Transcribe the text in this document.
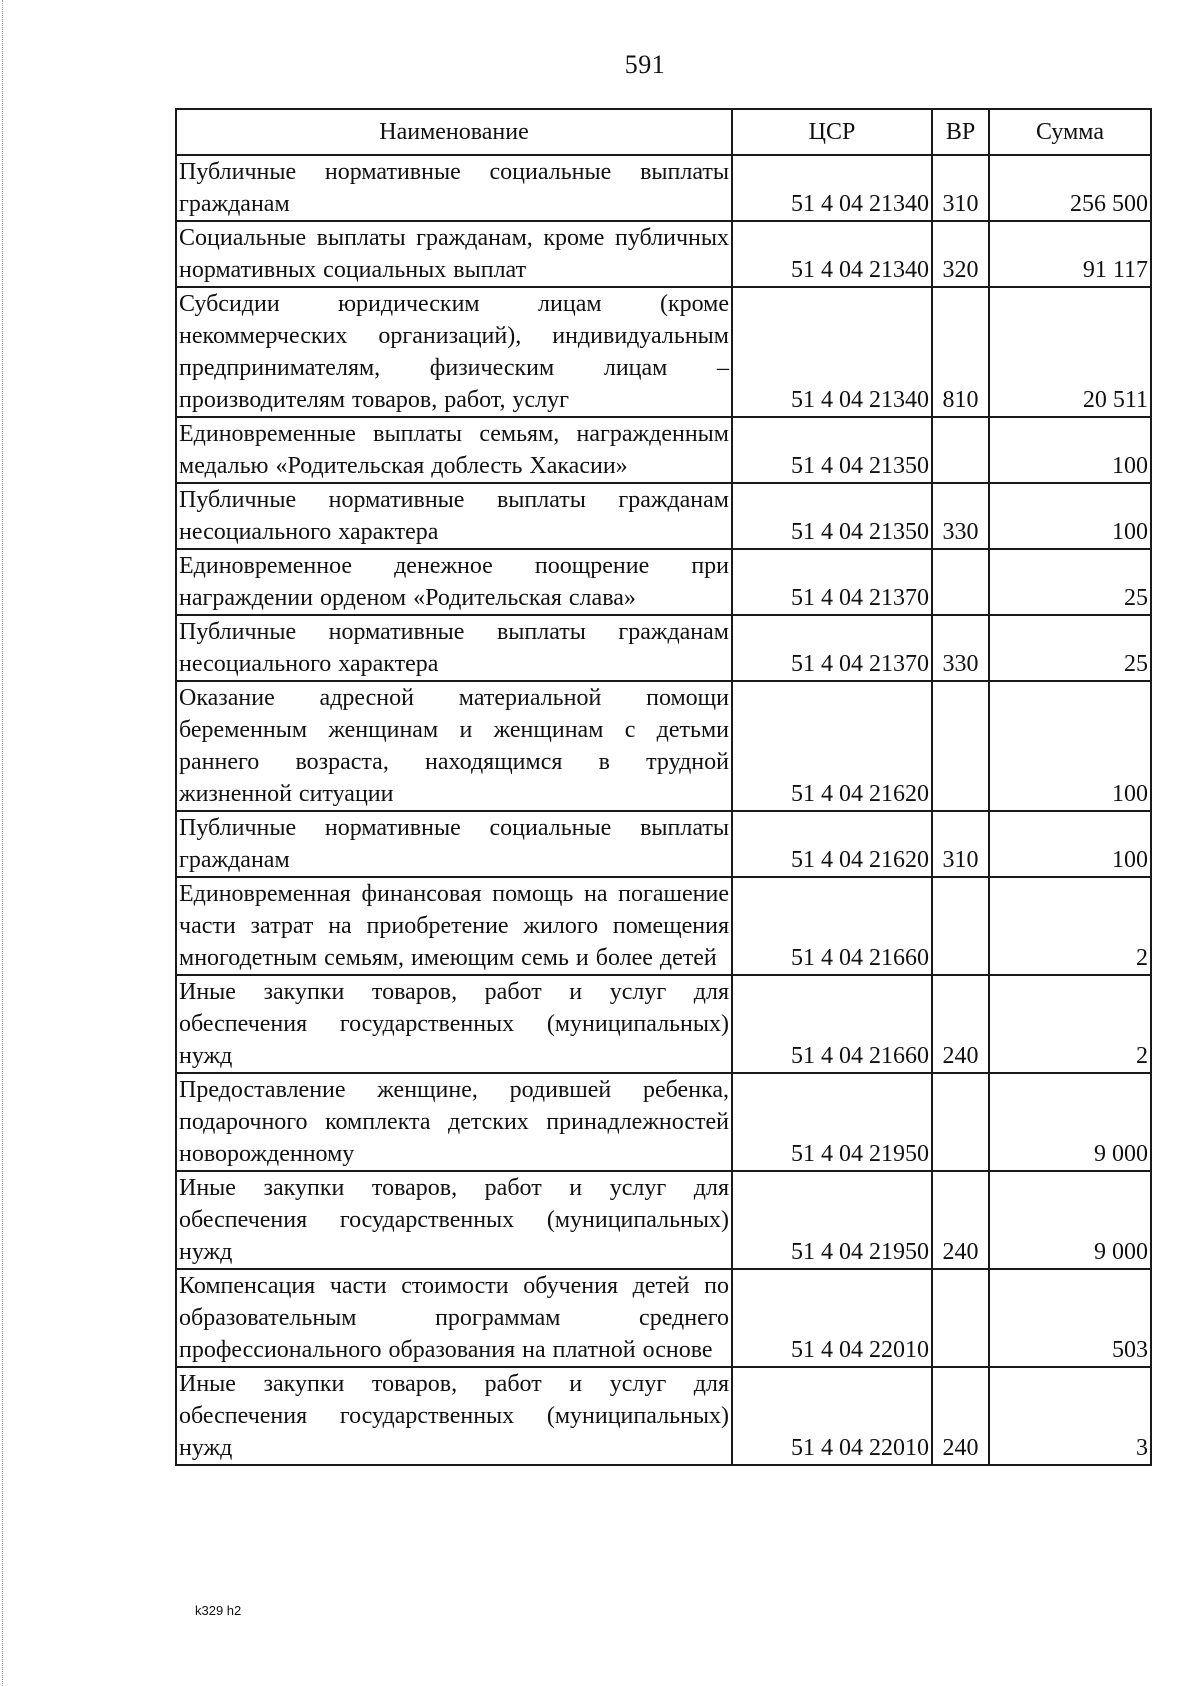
591
Наименование	ЦСР	ВР	Сумма
Публичные нормативные социальные выплаты гражданам	51 4 04 21340	310	256 500
Социальные выплаты гражданам, кроме публичных нормативных социальных выплат	51 4 04 21340	320	91 117
Субсидии юридическим лицам (кроме некоммерческих организаций), индивидуальным предпринимателям, физическим лицам – производителям товаров, работ, услуг	51 4 04 21340	810	20 511
Единовременные выплаты семьям, награжденным медалью «Родительская доблесть Хакасии»	51 4 04 21350		100
Публичные нормативные выплаты гражданам несоциального характера	51 4 04 21350	330	100
Единовременное денежное поощрение при награждении орденом «Родительская слава»	51 4 04 21370		25
Публичные нормативные выплаты гражданам несоциального характера	51 4 04 21370	330	25
Оказание адресной материальной помощи беременным женщинам и женщинам с детьми раннего возраста, находящимся в трудной жизненной ситуации	51 4 04 21620		100
Публичные нормативные социальные выплаты гражданам	51 4 04 21620	310	100
Единовременная финансовая помощь на погашение части затрат на приобретение жилого помещения многодетным семьям, имеющим семь и более детей	51 4 04 21660		2
Иные закупки товаров, работ и услуг для обеспечения государственных (муниципальных) нужд	51 4 04 21660	240	2
Предоставление женщине, родившей ребенка, подарочного комплекта детских принадлежностей новорожденному	51 4 04 21950		9 000
Иные закупки товаров, работ и услуг для обеспечения государственных (муниципальных) нужд	51 4 04 21950	240	9 000
Компенсация части стоимости обучения детей по образовательным программам среднего профессионального образования на платной основе	51 4 04 22010		503
Иные закупки товаров, работ и услуг для обеспечения государственных (муниципальных) нужд	51 4 04 22010	240	3
k329 h2
